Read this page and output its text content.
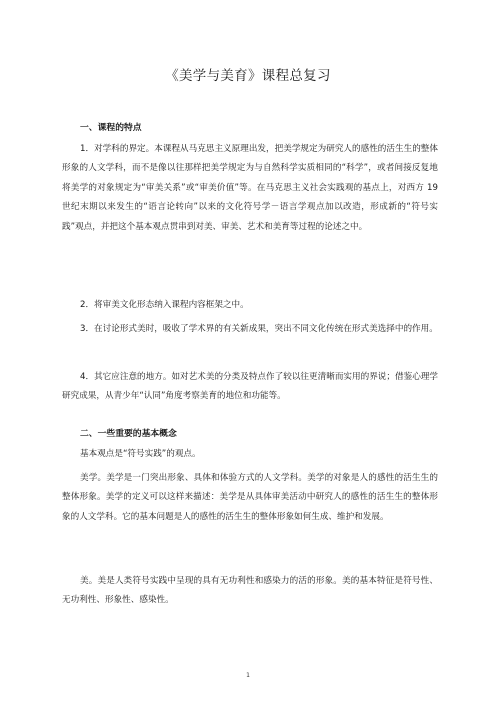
《美学与美育》课程总复习
一、课程的特点

1．对学科的界定。本课程从马克思主义原理出发，把美学规定为研究人的感性的活生生的整体形象的人文学科，而不是像以往那样把美学规定为与自然科学实质相同的“科学”，或者间接反复地将美学的对象规定为“审美关系”或“审美价值”等。在马克思主义社会实践观的基点上，对西方 19 世纪末期以来发生的“语言论转向”以来的文化符号学－语言学观点加以改造，形成新的“符号实践”观点，并把这个基本观点贯串到对美、审美、艺术和美育等过程的论述之中。

2．将审美文化形态纳入课程内容框架之中。

3．在讨论形式美时，吸收了学术界的有关新成果，突出不同文化传统在形式美选择中的作用。

4．其它应注意的地方。如对艺术美的分类及特点作了较以往更清晰而实用的界说；借鉴心理学研究成果，从青少年“认同”角度考察美育的地位和功能等。

二、一些重要的基本概念

基本观点是“符号实践”的观点。

美学。美学是一门突出形象、具体和体验方式的人文学科。美学的对象是人的感性的活生生的整体形象。美学的定义可以这样来描述：美学是从具体审美活动中研究人的感性的活生生的整体形象的人文学科。它的基本问题是人的感性的活生生的整体形象如何生成、维护和发展。

美。美是人类符号实践中呈现的具有无功利性和感染力的活的形象。美的基本特征是符号性、无功利性、形象性、感染性。

1
